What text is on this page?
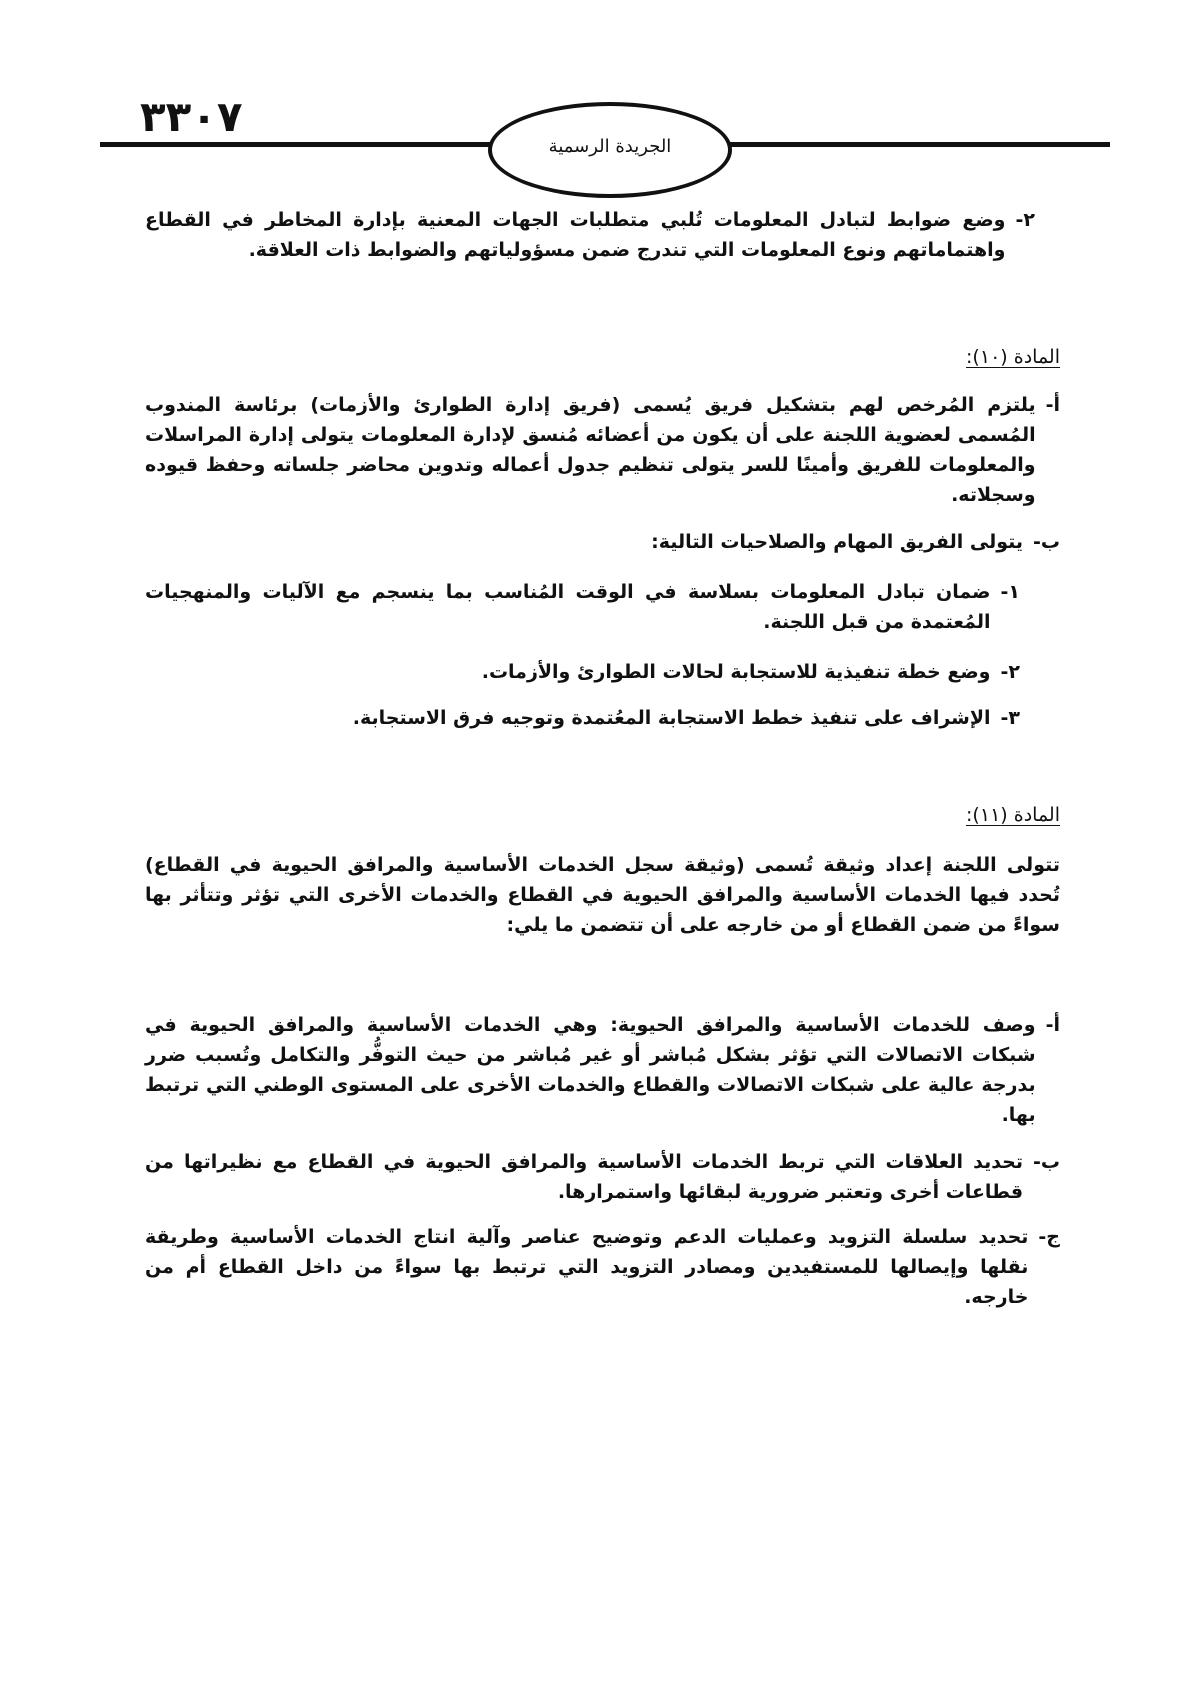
٣٣٠٧
الجريدة الرسمية
٢-

وضع ضوابط لتبادل المعلومات تُلبي متطلبات الجهات المعنية بإدارة المخاطر في القطاع واهتماماتهم ونوع المعلومات التي تندرج ضمن مسؤولياتهم والضوابط ذات العلاقة.

المادة (١٠):

أ-

يلتزم المُرخص لهم بتشكيل فريق يُسمى (فريق إدارة الطوارئ والأزمات) برئاسة المندوب المُسمى لعضوية اللجنة على أن يكون من أعضائه مُنسق لإدارة المعلومات يتولى إدارة المراسلات والمعلومات للفريق وأمينًا للسر يتولى تنظيم جدول أعماله وتدوين محاضر جلساته وحفظ قيوده وسجلاته.

ب-

يتولى الفريق المهام والصلاحيات التالية:

١-

ضمان تبادل المعلومات بسلاسة في الوقت المُناسب بما ينسجم مع الآليات والمنهجيات المُعتمدة من قبل اللجنة.

٢-

وضع خطة تنفيذية للاستجابة لحالات الطوارئ والأزمات.

٣-

الإشراف على تنفيذ خطط الاستجابة المعُتمدة وتوجيه فرق الاستجابة.

المادة (١١):

تتولى اللجنة إعداد وثيقة تُسمى (وثيقة سجل الخدمات الأساسية والمرافق الحيوية في القطاع) تُحدد فيها الخدمات الأساسية والمرافق الحيوية في القطاع والخدمات الأخرى التي تؤثر وتتأثر بها سواءً من ضمن القطاع أو من خارجه على أن تتضمن ما يلي:

أ-

وصف للخدمات الأساسية والمرافق الحيوية: وهي الخدمات الأساسية والمرافق الحيوية في شبكات الاتصالات التي تؤثر بشكل مُباشر أو غير مُباشر من حيث التوفُّر والتكامل وتُسبب ضرر بدرجة عالية على شبكات الاتصالات والقطاع والخدمات الأخرى على المستوى الوطني التي ترتبط بها.

ب-

تحديد العلاقات التي تربط الخدمات الأساسية والمرافق الحيوية في القطاع مع نظيراتها من قطاعات أخرى وتعتبر ضرورية لبقائها واستمرارها.

ج-

تحديد سلسلة التزويد وعمليات الدعم وتوضيح عناصر وآلية انتاج الخدمات الأساسية وطريقة نقلها وإيصالها للمستفيدين ومصادر التزويد التي ترتبط بها سواءً من داخل القطاع أم من خارجه.
